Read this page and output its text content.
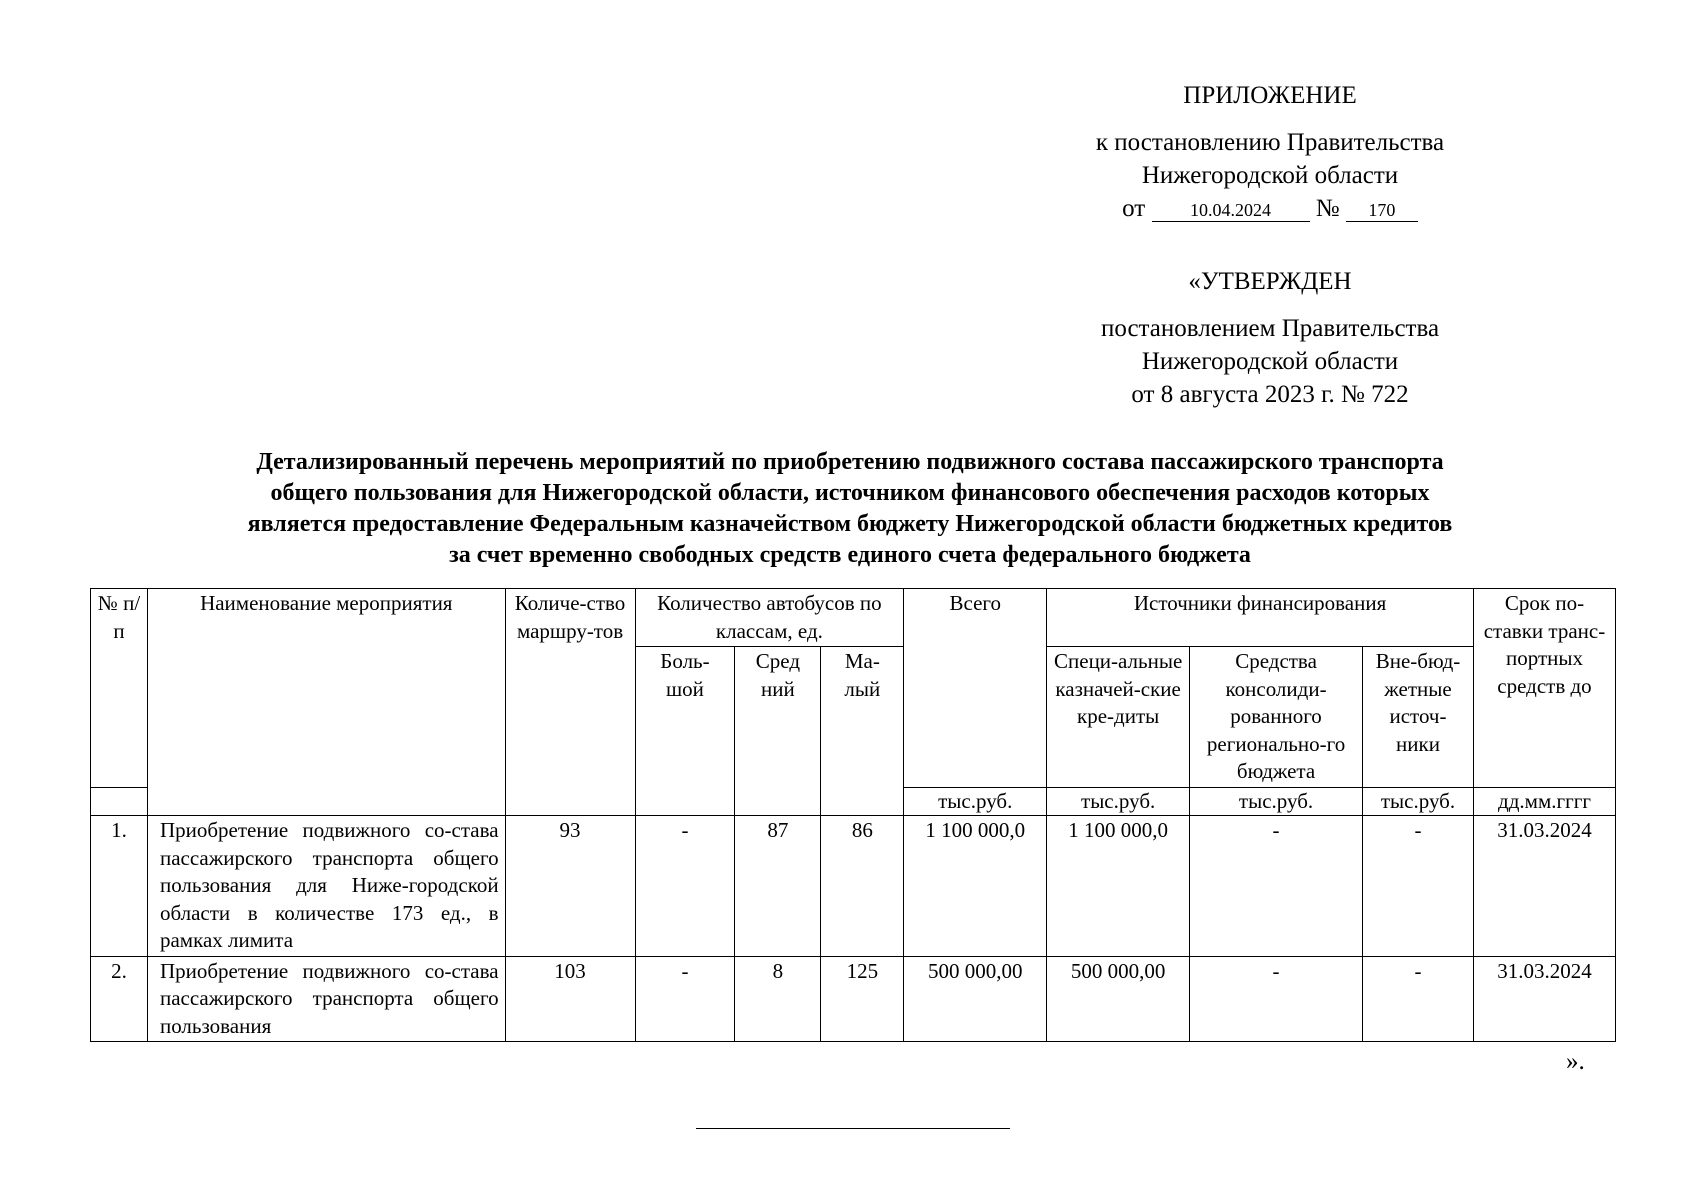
ПРИЛОЖЕНИЕ
к постановлению Правительства
Нижегородской области
от 10.04.2024 № 170
«УТВЕРЖДЕН
постановлением Правительства
Нижегородской области
от 8 августа 2023 г. № 722
Детализированный перечень мероприятий по приобретению подвижного состава пассажирского транспорта
общего пользования для Нижегородской области, источником финансового обеспечения расходов которых
является предоставление Федеральным казначейством бюджету Нижегородской области бюджетных кредитов
за счет временно свободных средств единого счета федерального бюджета
№ п/п	Наименование мероприятия	Количе-ство маршру-тов	Количество автобусов по классам, ед.			Всего	Источники финансирования			Срок по-ставки транс-портных средств до
			Боль-шой	Сред ний	Ма-лый		Специ-альные казначей-ские кре-диты	Средства консолиди-рованного регионально-го бюджета	Вне-бюд-жетные источ-ники	
						тыс.руб.	тыс.руб.	тыс.руб.	тыс.руб.	дд.мм.гггг
1.	Приобретение подвижного со-става пассажирского транспорта общего пользования для Ниже-городской области в количестве 173 ед., в рамках лимита	93	-	87	86	1 100 000,0	1 100 000,0	-	-	31.03.2024
2.	Приобретение подвижного со-става пассажирского транспорта общего пользования	103	-	8	125	500 000,00	500 000,00	-	-	31.03.2024
».
